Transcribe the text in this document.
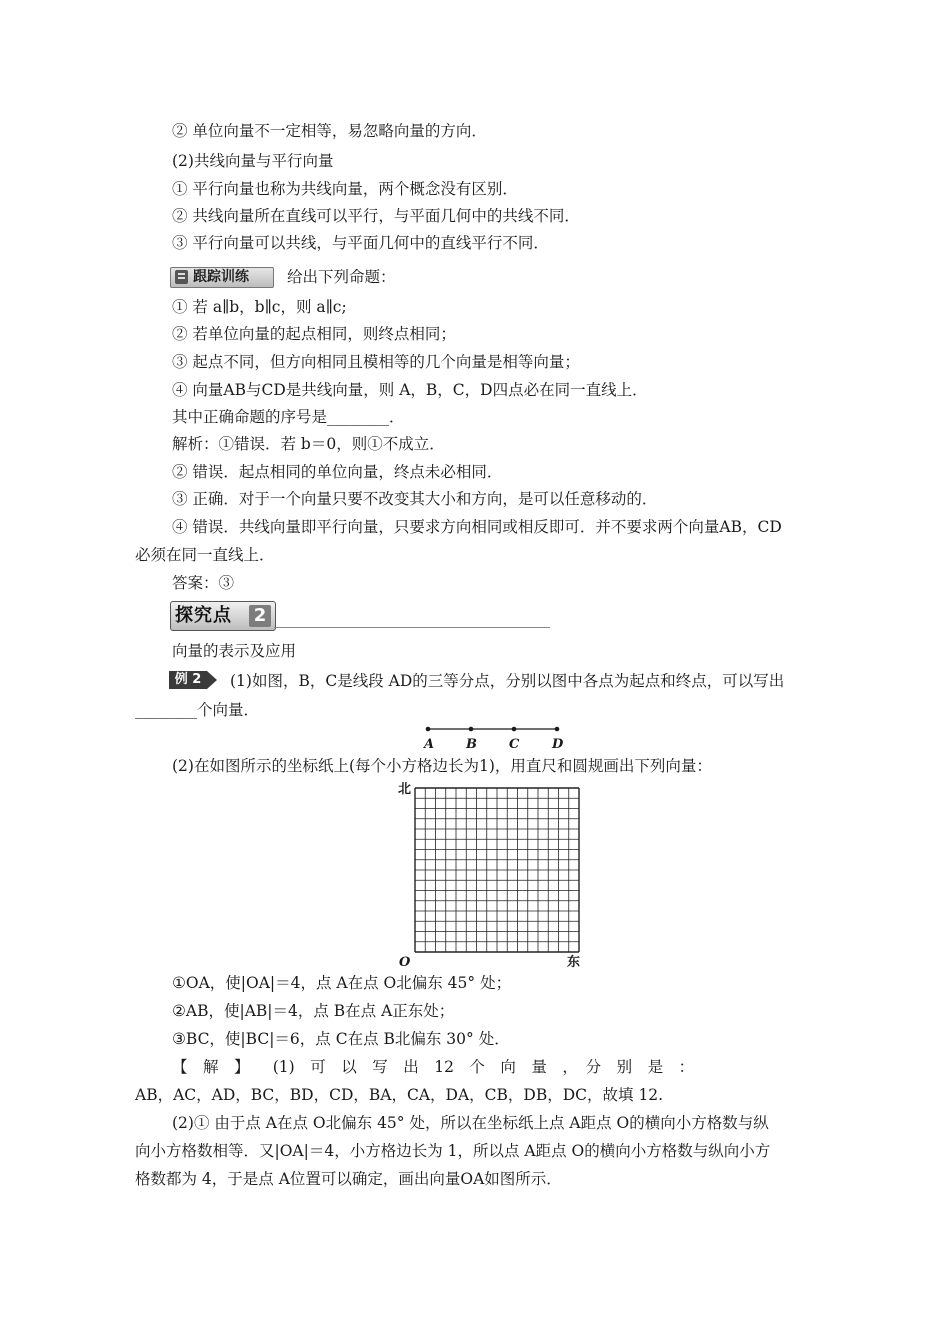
② 单位向量不一定相等，易忽略向量的方向．
(2)共线向量与平行向量
① 平行向量也称为共线向量，两个概念没有区别．
② 共线向量所在直线可以平行，与平面几何中的共线不同．
③ 平行向量可以共线，与平面几何中的直线平行不同．
跟踪训练 给出下列命题：
① 若 a∥b，b∥c，则 a∥c;
② 若单位向量的起点相同，则终点相同；
③ 起点不同，但方向相同且模相等的几个向量是相等向量；
④ 向量AB与CD是共线向量，则 A，B，C，D四点必在同一直线上．
其中正确命题的序号是________．
解析：①错误．若 b＝0，则①不成立．
② 错误．起点相同的单位向量，终点未必相同．
③ 正确．对于一个向量只要不改变其大小和方向，是可以任意移动的．
④ 错误．共线向量即平行向量，只要求方向相同或相反即可．并不要求两个向量AB，CD
必须在同一直线上．
答案：③
探究点 2
向量的表示及应用
例 2	(1)如图，B，C是线段 AD的三等分点，分别以图中各点为起点和终点，可以写出
________个向量．
A B C	D
(2)在如图所示的坐标纸上(每个小方格边长为1)，用直尺和圆规画出下列向量：
北
东
O
①OA，使|OA|＝4，点 A在点 O北偏东 45° 处；
②AB，使|AB|＝4，点 B在点 A正东处；
③BC，使|BC|＝6，点 C在点 B北偏东 30° 处．
【　解　】　　(1)　可　以　写　出　12　个　向　量　，　分　别　是　：
AB，AC，AD，BC，BD，CD，BA，CA，DA，CB，DB，DC，故填 12.
(2)① 由于点 A在点 O北偏东 45° 处，所以在坐标纸上点 A距点 O的横向小方格数与纵
向小方格数相等．又|OA|＝4，小方格边长为 1，所以点 A距点 O的横向小方格数与纵向小方
格数都为 4，于是点 A位置可以确定，画出向量OA如图所示．
